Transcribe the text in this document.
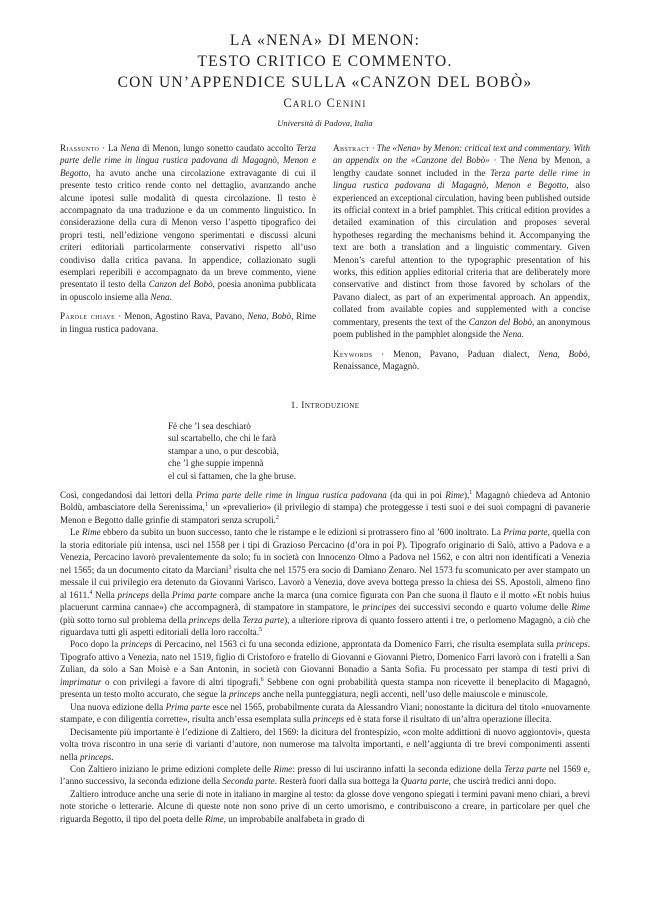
LA «NENA» DI MENON:
TESTO CRITICO E COMMENTO.
CON UN’APPENDICE SULLA «CANZON DEL BOBÒ»
Carlo Cenini
Università di Padova, Italia
Riassunto · La Nena di Menon, lungo sonetto caudato accolto Terza parte delle rime in lingua rustica padovana di Magagnò, Menon e Begotto, ha avuto anche una circolazione extravagante di cui il presente testo critico rende conto nel dettaglio, avanzando anche alcune ipotesi sulle modalità di questa circolazione. Il testo è accompagnato da una traduzione e da un commento linguistico. In considerazione della cura di Menon verso l’aspetto tipografico dei propri testi, nell’edizione vengono sperimentati e discussi alcuni criteri editoriali particolarmente conservativi rispetto all’uso condiviso dalla critica pavana. In appendice, collazionato sugli esemplari reperibili e accompagnato da un breve commento, viene presentato il testo della Canzon del Bobò, poesia anonima pubblicata in opuscolo insieme alla Nena.
Parole chiave · Menon, Agostino Rava, Pavano, Nena, Bobò, Rime in lingua rustica padovana.
Abstract · The «Nena» by Menon: critical text and commentary. With an appendix on the «Canzone del Bobò» · The Nena by Menon, a lengthy caudate sonnet included in the Terza parte delle rime in lingua rustica padovana di Magagnò, Menon e Begotto, also experienced an exceptional circulation, having been published outside its official context in a brief pamphlet. This critical edition provides a detailed examination of this circulation and proposes several hypotheses regarding the mechanisms behind it. Accompanying the text are both a translation and a linguistic commentary. Given Menon’s careful attention to the typographic presentation of his works, this edition applies editorial criteria that are deliberately more conservative and distinct from those favored by scholars of the Pavano dialect, as part of an experimental approach. An appendix, collated from available copies and supplemented with a concise commentary, presents the text of the Canzon del Bobò, an anonymous poem published in the pamphlet alongside the Nena.
Keywords · Menon, Pavano, Paduan dialect, Nena, Bobò, Renaissance, Magagnò.
1. Introduzione
Fé che ’l sea deschiarò
sul scartabello, che chi le farà
stampar a uno, o pur descobià,
che ’l ghe suppie impennà
el cul sì fattamen, che la ghe bruse.

Così, congedandosi dai lettori della Prima parte delle rime in lingua rustica padovana (da qui in poi Rime),$^1$ Magagnò chiedeva ad Antonio Boldù, ambasciatore della Serenissima,$^1$ un «prevalierio» (il privilegio di stampa) che proteggesse i testi suoi e dei suoi compagni di pavanerie Menon e Begotto dalle grinfie di stampatori senza scrupoli.$^2$

Le Rime ebbero da subito un buon successo, tanto che le ristampe e le edizioni si protrassero fino al ’600 inoltrato. La Prima parte, quella con la storia editoriale più intensa, uscì nel 1558 per i tipi di Grazioso Percacino (d’ora in poi P). Tipografo originario di Salò, attivo a Padova e a Venezia, Percacino lavorò prevalentemente da solo; fu in società con Innocenzo Olmo a Padova nel 1562, e con altri non identificati a Venezia nel 1565; da un documento citato da Marciani$^3$ risulta che nel 1575 era socio di Damiano Zenaro. Nel 1573 fu scomunicato per aver stampato un messale il cui privilegio era detenuto da Giovanni Varisco. Lavorò a Venezia, dove aveva bottega presso la chiesa dei SS. Apostoli, almeno fino al 1611.$^4$ Nella princeps della Prima parte compare anche la marca (una cornice figurata con Pan che suona il flauto e il motto «Et nobis huius placuerunt carmina cannae») che accompagnerà, di stampatore in stampatore, le principes dei successivi secondo e quarto volume delle Rime (più sotto torno sul problema della princeps della Terza parte), a ulteriore riprova di quanto fossero attenti i tre, o perlomeno Magagnò, a ciò che riguardava tutti gli aspetti editoriali della loro raccolta.$^5$

Poco dopo la princeps di Percacino, nel 1563 ci fu una seconda edizione, approntata da Domenico Farri, che risulta esemplata sulla princeps. Tipografo attivo a Venezia, nato nel 1519, figlio di Cristoforo e fratello di Giovanni e Giovanni Pietro, Domenico Farri lavorò con i fratelli a San Zulian, da solo a San Moisè e a San Antonin, in società con Giovanni Bonadio a Santa Sofia. Fu processato per stampa di testi privi di imprimatur o con privilegi a favore di altri tipografi.$^6$ Sebbene con ogni probabilità questa stampa non ricevette il beneplacito di Magagnò, presenta un testo molto accurato, che segue la princeps anche nella punteggiatura, negli accenti, nell’uso delle maiuscole e minuscole.

Una nuova edizione della Prima parte esce nel 1565, probabilmente curata da Alessandro Viani; nonostante la dicitura del titolo «nuovamente stampate, e con diligentia corrette», risulta anch’essa esemplata sulla princeps ed è stata forse il risultato di un’altra operazione illecita.

Decisamente più importante è l’edizione di Zaltiero, del 1569: la dicitura del frontespizio, «con molte addittioni di nuovo aggiontovi», questa volta trova riscontro in una serie di varianti d’autore, non numerose ma talvolta importanti, e nell’aggiunta di tre brevi componimenti assenti nella princeps.

Con Zaltiero iniziano le prime edizioni complete delle Rime: presso di lui usciranno infatti la seconda edizione della Terza parte nel 1569 e, l’anno successivo, la seconda edizione della Seconda parte. Resterà fuori dalla sua bottega la Quarta parte, che uscirà tredici anni dopo.

Zaltiero introduce anche una serie di note in italiano in margine al testo: da glosse dove vengono spiegati i termini pavani meno chiari, a brevi note storiche o letterarie. Alcune di queste note non sono prive di un certo umorismo, e contribuiscono a creare, in particolare per quel che riguarda Begotto, il tipo del poeta delle Rime, un improbabile analfabeta in grado di
